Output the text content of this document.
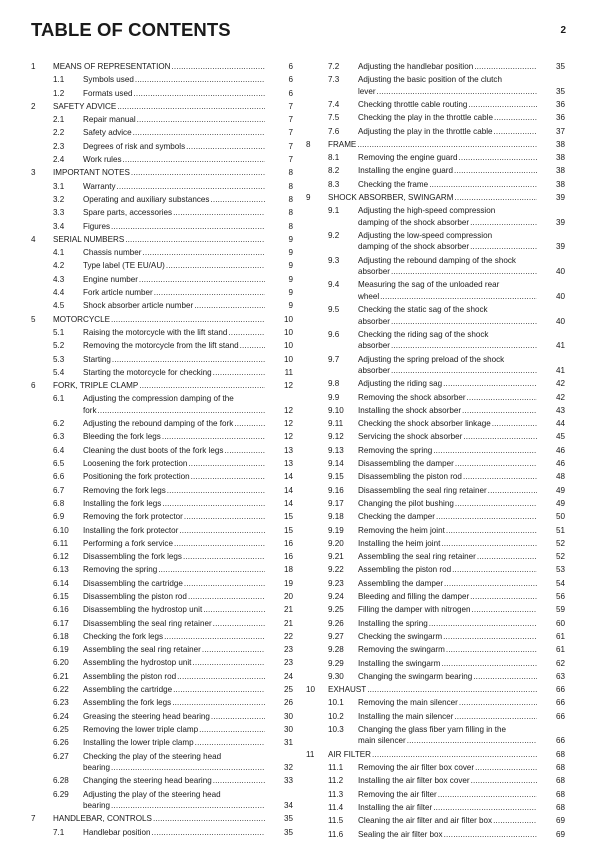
TABLE OF CONTENTS	2
1 MEANS OF REPRESENTATION .....	6
1.1 Symbols used .....	6
1.2 Formats used .....	6
2 SAFETY ADVICE .....	7
2.1 Repair manual .....	7
2.2 Safety advice .....	7
2.3 Degrees of risk and symbols .....	7
2.4 Work rules .....	7
3 IMPORTANT NOTES .....	8
3.1 Warranty .....	8
3.2 Operating and auxiliary substances .....	8
3.3 Spare parts, accessories .....	8
3.4 Figures .....	8
4 SERIAL NUMBERS .....	9
4.1 Chassis number .....	9
4.2 Type label (TE EU/AU) .....	9
4.3 Engine number .....	9
4.4 Fork article number .....	9
4.5 Shock absorber article number .....	9
5 MOTORCYCLE .....	10
5.1 Raising the motorcycle with the lift stand .....	10
5.2 Removing the motorcycle from the lift stand .....	10
5.3 Starting .....	10
5.4 Starting the motorcycle for checking .....	11
6 FORK, TRIPLE CLAMP .....	12
6.1 Adjusting the compression damping of the
fork .....	12
6.2 Adjusting the rebound damping of the fork .....	12
6.3 Bleeding the fork legs .....	12
6.4 Cleaning the dust boots of the fork legs .....	13
6.5 Loosening the fork protection .....	13
6.6 Positioning the fork protection .....	14
6.7 Removing the fork legs .....	14
6.8 Installing the fork legs .....	14
6.9 Removing the fork protector .....	15
6.10 Installing the fork protector .....	15
6.11 Performing a fork service .....	16
6.12 Disassembling the fork legs .....	16
6.13 Removing the spring .....	18
6.14 Disassembling the cartridge .....	19
6.15 Disassembling the piston rod .....	20
6.16 Disassembling the hydrostop unit .....	21
6.17 Disassembling the seal ring retainer .....	21
6.18 Checking the fork legs .....	22
6.19 Assembling the seal ring retainer .....	23
6.20 Assembling the hydrostop unit .....	23
6.21 Assembling the piston rod .....	24
6.22 Assembling the cartridge .....	25
6.23 Assembling the fork legs .....	26
6.24 Greasing the steering head bearing .....	30
6.25 Removing the lower triple clamp .....	30
6.26 Installing the lower triple clamp .....	31
6.27 Checking the play of the steering head
bearing .....	32
6.28 Changing the steering head bearing .....	33
6.29 Adjusting the play of the steering head
bearing .....	34
7 HANDLEBAR, CONTROLS .....	35
7.1 Handlebar position .....	35
7.2 Adjusting the handlebar position .....	35
7.3 Adjusting the basic position of the clutch
lever .....	35
7.4 Checking throttle cable routing .....	36
7.5 Checking the play in the throttle cable .....	36
7.6 Adjusting the play in the throttle cable .....	37
8 FRAME .....	38
8.1 Removing the engine guard .....	38
8.2 Installing the engine guard .....	38
8.3 Checking the frame .....	38
9 SHOCK ABSORBER, SWINGARM .....	39
9.1 Adjusting the high-speed compression
damping of the shock absorber .....	39
9.2 Adjusting the low-speed compression
damping of the shock absorber .....	39
9.3 Adjusting the rebound damping of the shock
absorber .....	40
9.4 Measuring the sag of the unloaded rear
wheel .....	40
9.5 Checking the static sag of the shock
absorber .....	40
9.6 Checking the riding sag of the shock
absorber .....	41
9.7 Adjusting the spring preload of the shock
absorber .....	41
9.8 Adjusting the riding sag .....	42
9.9 Removing the shock absorber .....	42
9.10 Installing the shock absorber .....	43
9.11 Checking the shock absorber linkage .....	44
9.12 Servicing the shock absorber .....	45
9.13 Removing the spring .....	46
9.14 Disassembling the damper .....	46
9.15 Disassembling the piston rod .....	48
9.16 Disassembling the seal ring retainer .....	49
9.17 Changing the pilot bushing .....	49
9.18 Checking the damper .....	50
9.19 Removing the heim joint .....	51
9.20 Installing the heim joint .....	52
9.21 Assembling the seal ring retainer .....	52
9.22 Assembling the piston rod .....	53
9.23 Assembling the damper .....	54
9.24 Bleeding and filling the damper .....	56
9.25 Filling the damper with nitrogen .....	59
9.26 Installing the spring .....	60
9.27 Checking the swingarm .....	61
9.28 Removing the swingarm .....	61
9.29 Installing the swingarm .....	62
9.30 Changing the swingarm bearing .....	63
10 EXHAUST .....	66
10.1 Removing the main silencer .....	66
10.2 Installing the main silencer .....	66
10.3 Changing the glass fiber yarn filling in the
main silencer .....	66
11 AIR FILTER .....	68
11.1 Removing the air filter box cover .....	68
11.2 Installing the air filter box cover .....	68
11.3 Removing the air filter .....	68
11.4 Installing the air filter .....	68
11.5 Cleaning the air filter and air filter box .....	69
11.6 Sealing the air filter box .....	69
